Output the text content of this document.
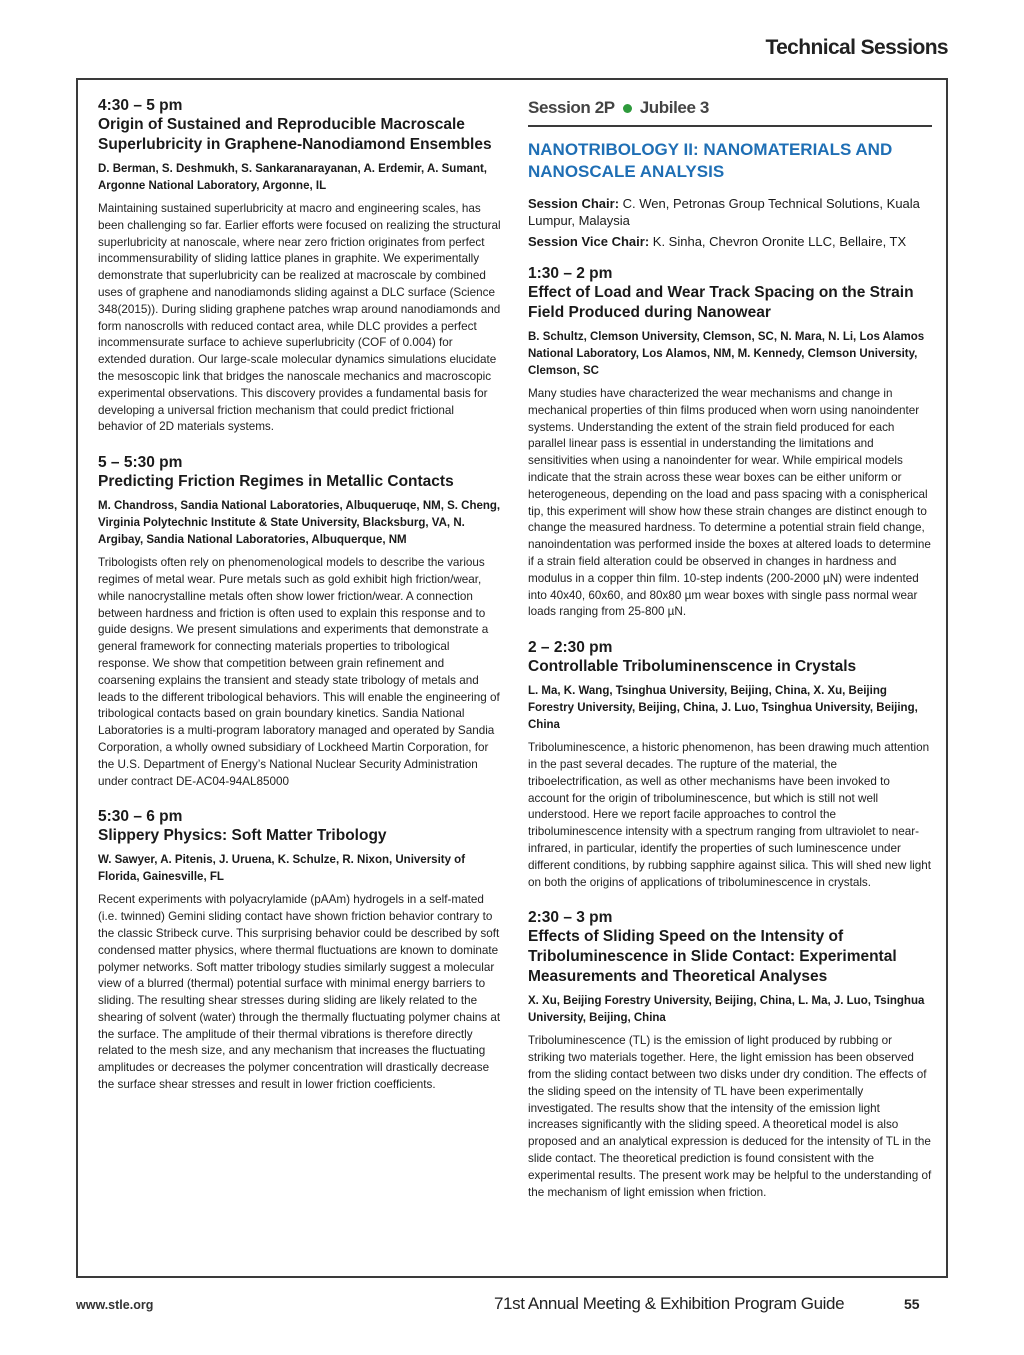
Technical Sessions

4:30 – 5 pm

Origin of Sustained and Reproducible Macroscale Superlubricity in Graphene-Nanodiamond Ensembles

D. Berman, S. Deshmukh, S. Sankaranarayanan, A. Erdemir, A. Sumant, Argonne National Laboratory, Argonne, IL

Maintaining sustained superlubricity at macro and engineering scales, has been challenging so far. Earlier efforts were focused on realizing the structural superlubricity at nanoscale, where near zero friction originates from perfect incommensurability of sliding lattice planes in graphite. We experimentally demonstrate that superlubricity can be realized at macroscale by combined uses of graphene and nanodiamonds sliding against a DLC surface (Science 348(2015)). During sliding graphene patches wrap around nanodiamonds and form nanoscrolls with reduced contact area, while DLC provides a perfect incommensurate surface to achieve superlubricity (COF of 0.004) for extended duration. Our large-scale molecular dynamics simulations elucidate the mesoscopic link that bridges the nanoscale mechanics and macroscopic experimental observations. This discovery provides a fundamental basis for developing a universal friction mechanism that could predict frictional behavior of 2D materials systems.

5 – 5:30 pm

Predicting Friction Regimes in Metallic Contacts

M. Chandross, Sandia National Laboratories, Albuqueruqe, NM, S. Cheng, Virginia Polytechnic Institute & State University, Blacksburg, VA, N. Argibay, Sandia National Laboratories, Albuquerque, NM

Tribologists often rely on phenomenological models to describe the various regimes of metal wear. Pure metals such as gold exhibit high friction/wear, while nanocrystalline metals often show lower friction/wear. A connection between hardness and friction is often used to explain this response and to guide designs. We present simulations and experiments that demonstrate a general framework for connecting materials properties to tribological response. We show that competition between grain refinement and coarsening explains the transient and steady state tribology of metals and leads to the different tribological behaviors. This will enable the engineering of tribological contacts based on grain boundary kinetics. Sandia National Laboratories is a multi-program laboratory managed and operated by Sandia Corporation, a wholly owned subsidiary of Lockheed Martin Corporation, for the U.S. Department of Energy’s National Nuclear Security Administration under contract DE-AC04-94AL85000

5:30 – 6 pm

Slippery Physics: Soft Matter Tribology

W. Sawyer, A. Pitenis, J. Uruena, K. Schulze, R. Nixon, University of Florida, Gainesville, FL

Recent experiments with polyacrylamide (pAAm) hydrogels in a self-mated (i.e. twinned) Gemini sliding contact have shown friction behavior contrary to the classic Stribeck curve. This surprising behavior could be described by soft condensed matter physics, where thermal fluctuations are known to dominate polymer networks. Soft matter tribology studies similarly suggest a molecular view of a blurred (thermal) potential surface with minimal energy barriers to sliding. The resulting shear stresses during sliding are likely related to the shearing of solvent (water) through the thermally fluctuating polymer chains at the surface. The amplitude of their thermal vibrations is therefore directly related to the mesh size, and any mechanism that increases the fluctuating amplitudes or decreases the polymer concentration will drastically decrease the surface shear stresses and result in lower friction coefficients.

Session 2P Jubilee 3

NANOTRIBOLOGY II: NANOMATERIALS AND NANOSCALE ANALYSIS

Session Chair: C. Wen, Petronas Group Technical Solutions, Kuala Lumpur, Malaysia

Session Vice Chair: K. Sinha, Chevron Oronite LLC, Bellaire, TX

1:30 – 2 pm

Effect of Load and Wear Track Spacing on the Strain Field Produced during Nanowear

B. Schultz, Clemson University, Clemson, SC, N. Mara, N. Li, Los Alamos National Laboratory, Los Alamos, NM, M. Kennedy, Clemson University, Clemson, SC

Many studies have characterized the wear mechanisms and change in mechanical properties of thin films produced when worn using nanoindenter systems. Understanding the extent of the strain field produced for each parallel linear pass is essential in understanding the limitations and sensitivities when using a nanoindenter for wear. While empirical models indicate that the strain across these wear boxes can be either uniform or heterogeneous, depending on the load and pass spacing with a conispherical tip, this experiment will show how these strain changes are distinct enough to change the measured hardness. To determine a potential strain field change, nanoindentation was performed inside the boxes at altered loads to determine if a strain field alteration could be observed in changes in hardness and modulus in a copper thin film. 10-step indents (200-2000 µN) were indented into 40x40, 60x60, and 80x80 µm wear boxes with single pass normal wear loads ranging from 25-800 µN.

2 – 2:30 pm

Controllable Triboluminenscence in Crystals

L. Ma, K. Wang, Tsinghua University, Beijing, China, X. Xu, Beijing Forestry University, Beijing, China, J. Luo, Tsinghua University, Beijing, China

Triboluminescence, a historic phenomenon, has been drawing much attention in the past several decades. The rupture of the material, the triboelectrification, as well as other mechanisms have been invoked to account for the origin of triboluminescence, but which is still not well understood. Here we report facile approaches to control the triboluminescence intensity with a spectrum ranging from ultraviolet to near-infrared, in particular, identify the properties of such luminescence under different conditions, by rubbing sapphire against silica. This will shed new light on both the origins of applications of triboluminescence in crystals.

2:30 – 3 pm

Effects of Sliding Speed on the Intensity of Triboluminescence in Slide Contact: Experimental Measurements and Theoretical Analyses

X. Xu, Beijing Forestry University, Beijing, China, L. Ma, J. Luo, Tsinghua University, Beijing, China

Triboluminescence (TL) is the emission of light produced by rubbing or striking two materials together. Here, the light emission has been observed from the sliding contact between two disks under dry condition. The effects of the sliding speed on the intensity of TL have been experimentally investigated. The results show that the intensity of the emission light increases significantly with the sliding speed. A theoretical model is also proposed and an analytical expression is deduced for the intensity of TL in the slide contact. The theoretical prediction is found consistent with the experimental results. The present work may be helpful to the understanding of the mechanism of light emission when friction.

www.stle.org	71st Annual Meeting & Exhibition Program Guide	55
